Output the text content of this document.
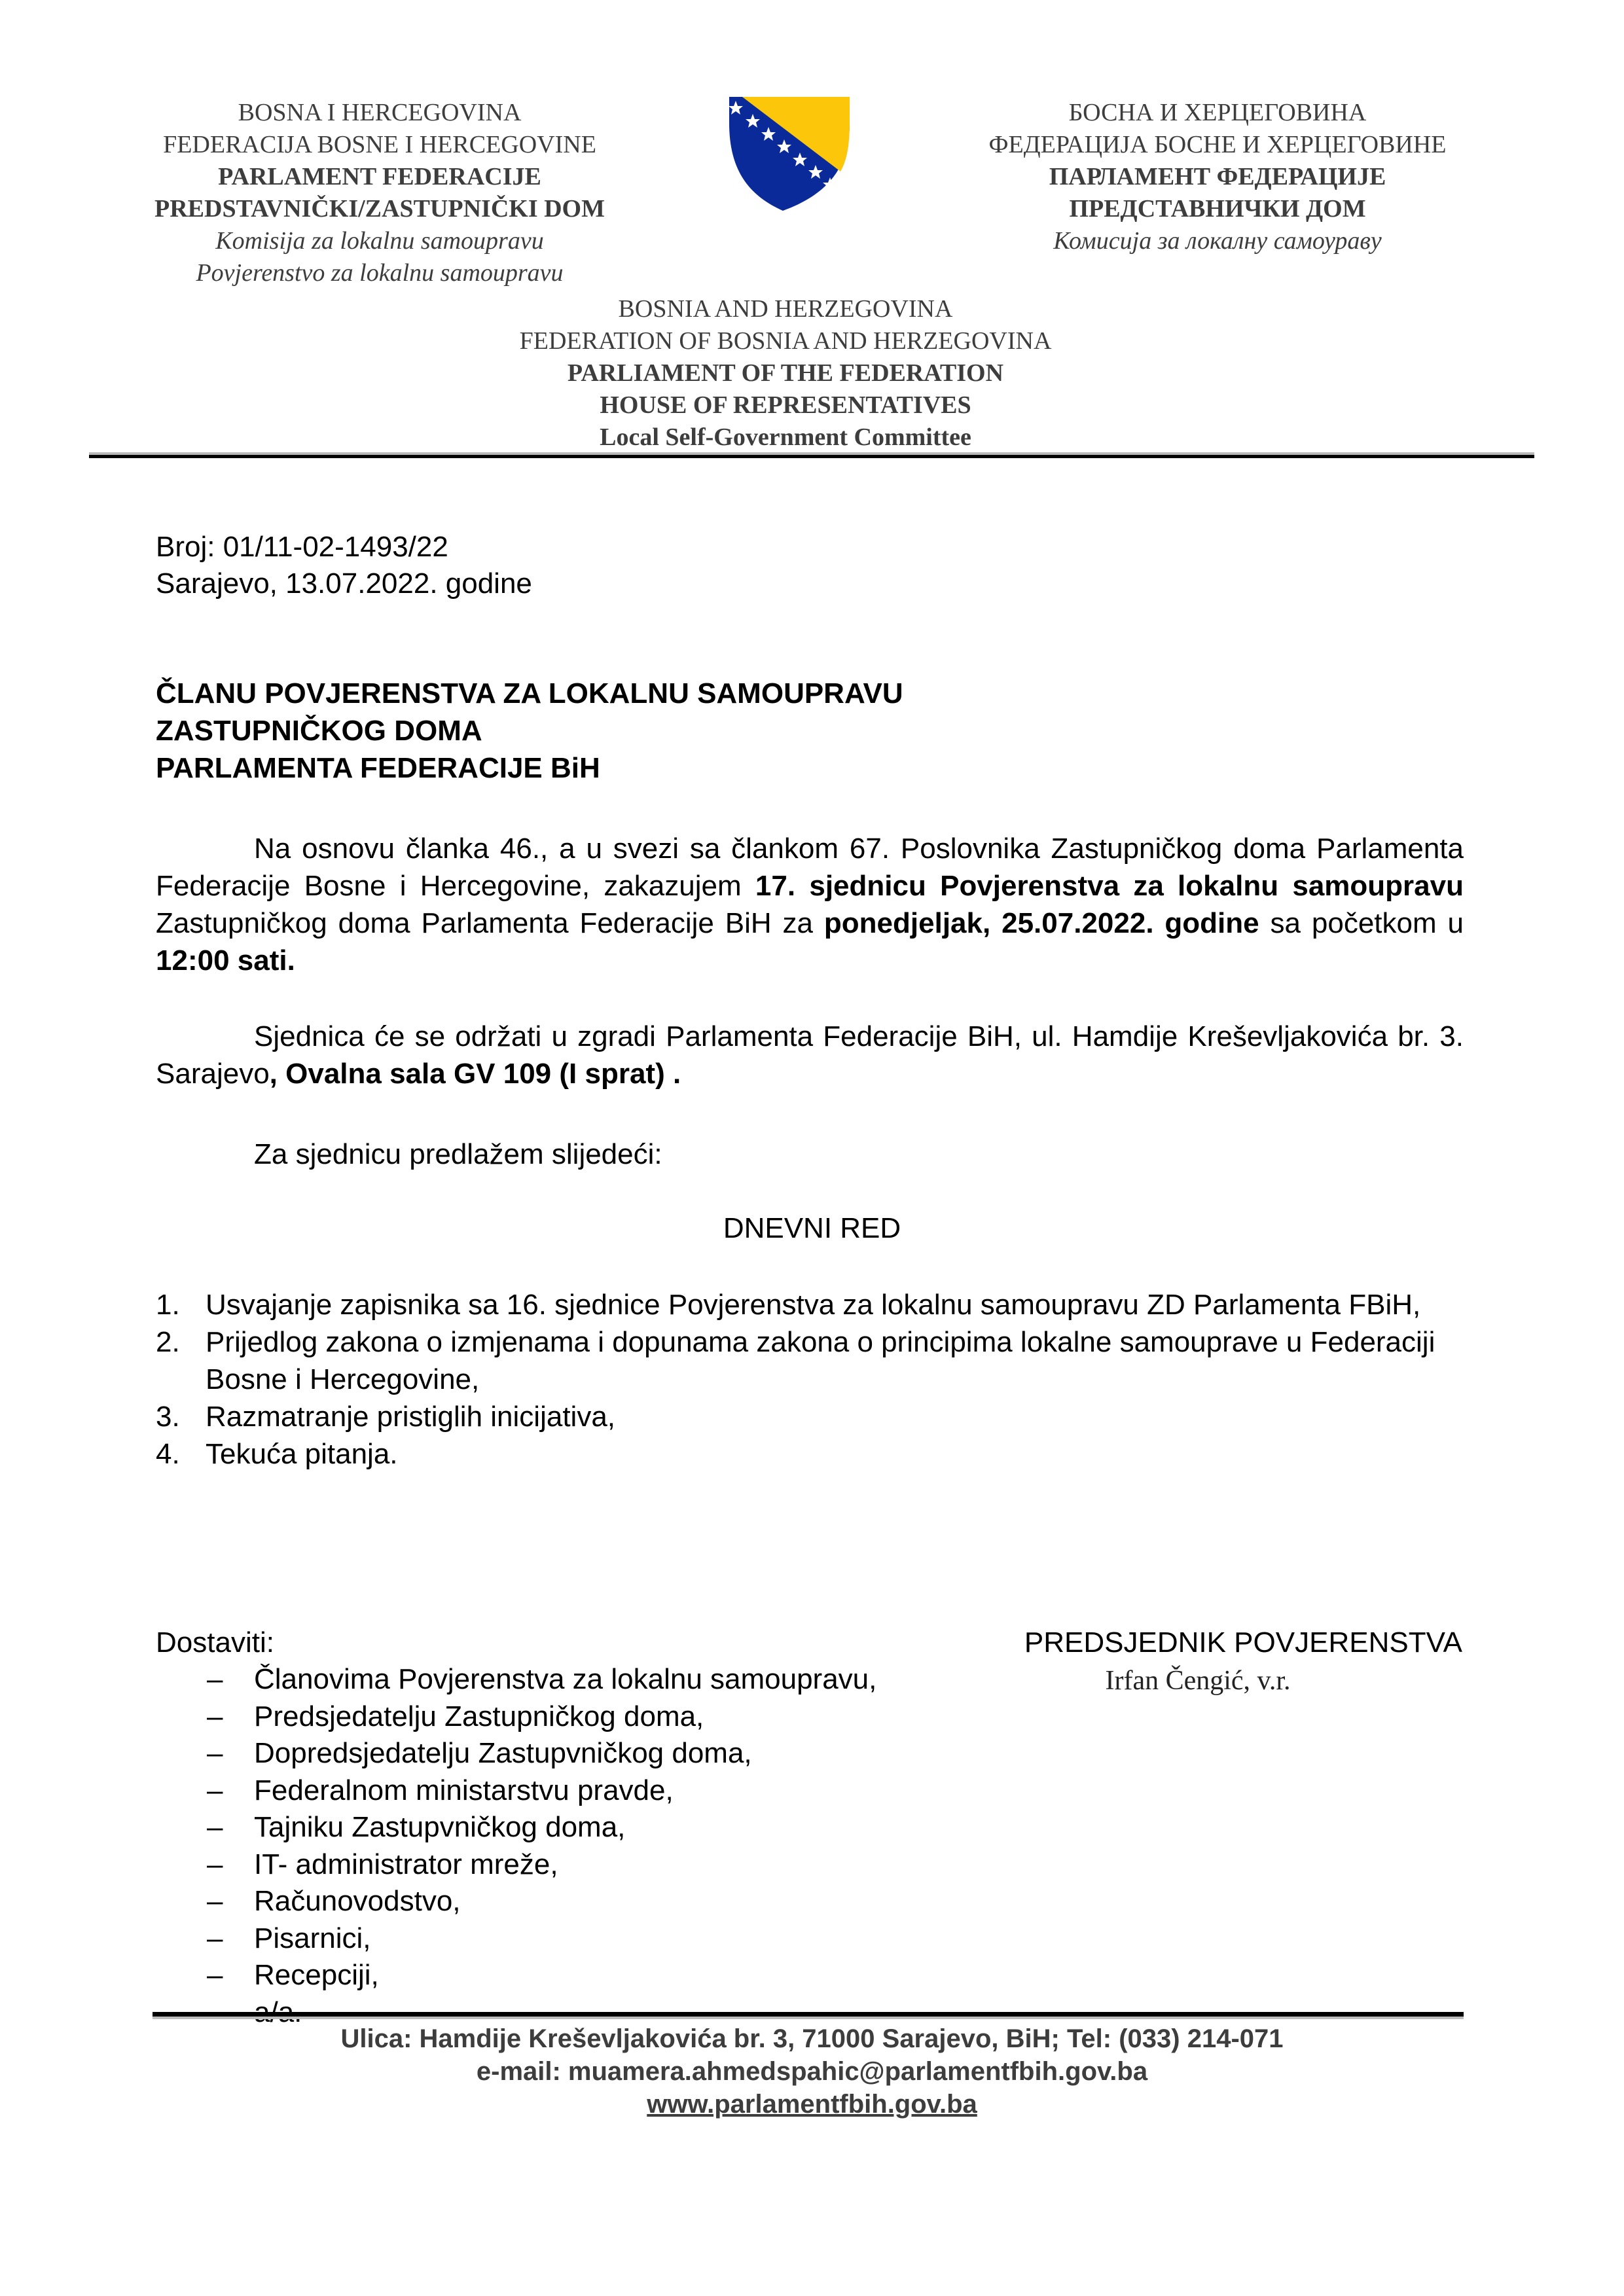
BOSNA I HERCEGOVINA
FEDERACIJA BOSNE I HERCEGOVINE
PARLAMENT FEDERACIJE
PREDSTAVNIČKI/ZASTUPNIČKI DOM
Komisija za lokalnu samoupravu
Povjerenstvo za lokalnu samoupravu
БОСНА И ХЕРЦЕГОВИНА
ФЕДЕРАЦИЈА БОСНЕ И ХЕРЦЕГОВИНЕ
ПАРЛАМЕНТ ФЕДЕРАЦИЈЕ
ПРЕДСТАВНИЧКИ ДОМ
Комисија за локалну самоураву
BOSNIA AND HERZEGOVINA
FEDERATION OF BOSNIA AND HERZEGOVINA
PARLIAMENT OF THE FEDERATION
HOUSE OF REPRESENTATIVES
Local Self-Government Committee
Broj: 01/11-02-1493/22
Sarajevo, 13.07.2022. godine
ČLANU POVJERENSTVA ZA LOKALNU SAMOUPRAVU
ZASTUPNIČKOG DOMA
PARLAMENTA FEDERACIJE BiH
Na osnovu članka 46., a u svezi sa člankom 67. Poslovnika Zastupničkog doma Parlamenta Federacije Bosne i Hercegovine, zakazujem 17. sjednicu Povjerenstva za lokalnu samoupravu Zastupničkog doma Parlamenta Federacije BiH za ponedjeljak, 25.07.2022. godine sa početkom u 12:00 sati.
Sjednica će se održati u zgradi Parlamenta Federacije BiH, ul. Hamdije Kreševljakovića br. 3. Sarajevo, Ovalna sala GV 109 (I sprat) .
Za sjednicu predlažem slijedeći:
DNEVNI RED
1. Usvajanje zapisnika sa 16. sjednice Povjerenstva za lokalnu samoupravu ZD Parlamenta FBiH,
2. Prijedlog zakona o izmjenama i dopunama zakona o principima lokalne samouprave u Federaciji Bosne i Hercegovine,
3. Razmatranje pristiglih inicijativa,
4. Tekuća pitanja.
Dostaviti:
–	Članovima Povjerenstva za lokalnu samoupravu,
–	Predsjedatelju Zastupničkog doma,
–	Dopredsjedatelju Zastupvničkog doma,
–	Federalnom ministarstvu pravde,
–	Tajniku Zastupvničkog doma,
–	IT- administrator mreže,
–	Računovodstvo,
–	Pisarnici,
–	Recepciji,
PREDSJEDNIK POVJERENSTVA
Irfan Čengić, v.r.
Ulica: Hamdije Kreševljakovića br. 3, 71000 Sarajevo, BiH; Tel: (033) 214-071
e-mail: muamera.ahmedspahic@parlamentfbih.gov.ba
www.parlamentfbih.gov.ba
